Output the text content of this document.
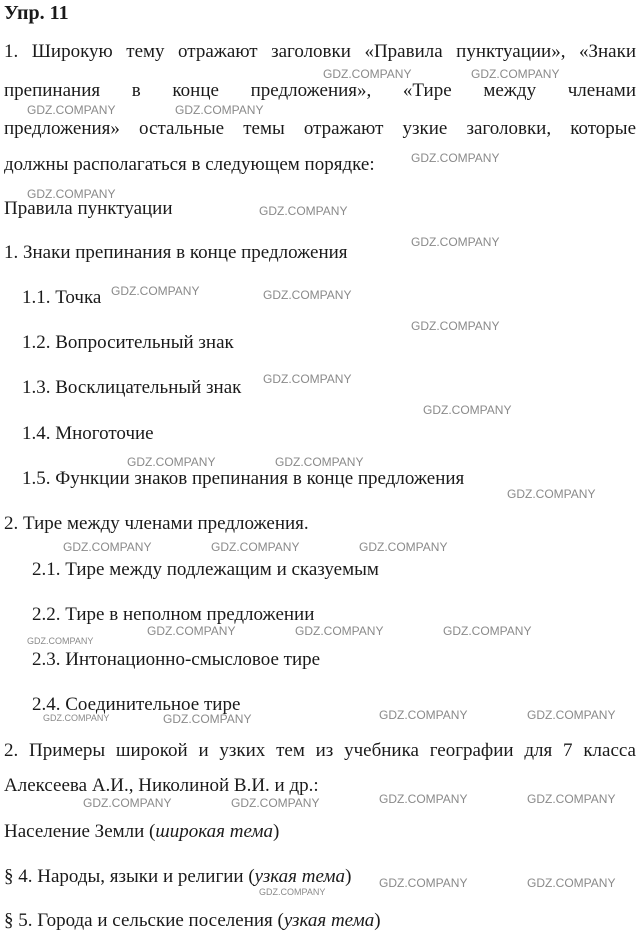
Упр. 11
1. Широкую тему отражают заголовки «Правила пунктуации», «Знаки
препинания в конце предложения», «Тире между членами
предложения» остальные темы отражают узкие заголовки, которые
должны располагаться в следующем порядке:
Правила пунктуации
1. Знаки препинания в конце предложения
1.1. Точка
1.2. Вопросительный знак
1.3. Восклицательный знак
1.4. Многоточие
1.5. Функции знаков препинания в конце предложения
2. Тире между членами предложения.
2.1. Тире между подлежащим и сказуемым
2.2. Тире в неполном предложении
2.3. Интонационно-смысловое тире
2.4. Соединительное тире
2. Примеры широкой и узких тем из учебника географии для 7 класса
Алексеева А.И., Николиной В.И. и др.:
Население Земли (широкая тема)
§ 4. Народы, языки и религии (узкая тема)
§ 5. Города и сельские поселения (узкая тема)
GDZ.COMPANY	GDZ.COMPANY
GDZ.COMPANY	GDZ.COMPANY
GDZ.COMPANY
GDZ.COMPANY
GDZ.COMPANY
GDZ.COMPANY
GDZ.COMPANY	GDZ.COMPANY
GDZ.COMPANY
GDZ.COMPANY
GDZ.COMPANY
GDZ.COMPANY	GDZ.COMPANY
GDZ.COMPANY
GDZ.COMPANY	GDZ.COMPANY	GDZ.COMPANY
GDZ.COMPANY	GDZ.COMPANY	GDZ.COMPANY
GDZ.COMPANY
GDZ.COMPANY	GDZ.COMPANY	GDZ.COMPANY	GDZ.COMPANY
GDZ.COMPANY	GDZ.COMPANY	GDZ.COMPANY	GDZ.COMPANY
GDZ.COMPANY
GDZ.COMPANY	GDZ.COMPANY
